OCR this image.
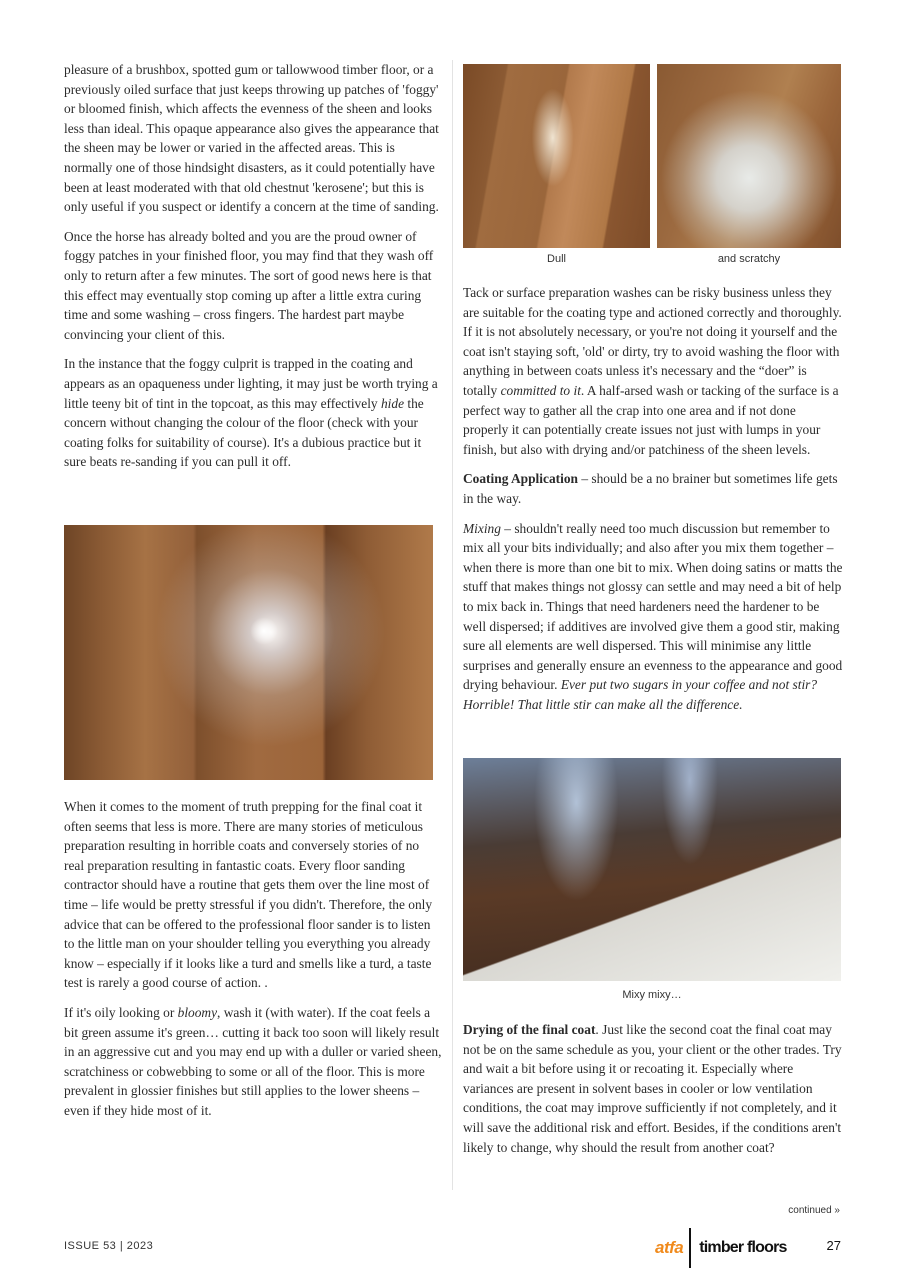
pleasure of a brushbox, spotted gum or tallowwood timber floor, or a previously oiled surface that just keeps throwing up patches of 'foggy' or bloomed finish, which affects the evenness of the sheen and looks less than ideal. This opaque appearance also gives the appearance that the sheen may be lower or varied in the affected areas. This is normally one of those hindsight disasters, as it could potentially have been at least moderated with that old chestnut 'kerosene'; but this is only useful if you suspect or identify a concern at the time of sanding.

Once the horse has already bolted and you are the proud owner of foggy patches in your finished floor, you may find that they wash off only to return after a few minutes. The sort of good news here is that this effect may eventually stop coming up after a little extra curing time and some washing – cross fingers. The hardest part maybe convincing your client of this.

In the instance that the foggy culprit is trapped in the coating and appears as an opaqueness under lighting, it may just be worth trying a little teeny bit of tint in the topcoat, as this may effectively hide the concern without changing the colour of the floor (check with your coating folks for suitability of course). It's a dubious practice but it sure beats re-sanding if you can pull it off.

When it comes to the moment of truth prepping for the final coat it often seems that less is more. There are many stories of meticulous preparation resulting in horrible coats and conversely stories of no real preparation resulting in fantastic coats. Every floor sanding contractor should have a routine that gets them over the line most of time – life would be pretty stressful if you didn't. Therefore, the only advice that can be offered to the professional floor sander is to listen to the little man on your shoulder telling you everything you already know – especially if it looks like a turd and smells like a turd, a taste test is rarely a good course of action. .

If it's oily looking or bloomy, wash it (with water). If the coat feels a bit green assume it's green… cutting it back too soon will likely result in an aggressive cut and you may end up with a duller or varied sheen, scratchiness or cobwebbing to some or all of the floor. This is more prevalent in glossier finishes but still applies to the lower sheens – even if they hide most of it.

Dull	and scratchy

Tack or surface preparation washes can be risky business unless they are suitable for the coating type and actioned correctly and thoroughly. If it is not absolutely necessary, or you're not doing it yourself and the coat isn't staying soft, 'old' or dirty, try to avoid washing the floor with anything in between coats unless it's necessary and the “doer” is totally committed to it. A half-arsed wash or tacking of the surface is a perfect way to gather all the crap into one area and if not done properly it can potentially create issues not just with lumps in your finish, but also with drying and/or patchiness of the sheen levels.

Coating Application – should be a no brainer but sometimes life gets in the way.

Mixing – shouldn't really need too much discussion but remember to mix all your bits individually; and also after you mix them together – when there is more than one bit to mix. When doing satins or matts the stuff that makes things not glossy can settle and may need a bit of help to mix back in. Things that need hardeners need the hardener to be well dispersed; if additives are involved give them a good stir, making sure all elements are well dispersed. This will minimise any little surprises and generally ensure an evenness to the appearance and good drying behaviour. Ever put two sugars in your coffee and not stir? Horrible! That little stir can make all the difference.

Mixy mixy…

Drying of the final coat. Just like the second coat the final coat may not be on the same schedule as you, your client or the other trades. Try and wait a bit before using it or recoating it. Especially where variances are present in solvent bases in cooler or low ventilation conditions, the coat may improve sufficiently if not completely, and it will save the additional risk and effort. Besides, if the conditions aren't likely to change, why should the result from another coat?

continued »
ISSUE 53 | 2023	atfa timber floors	27
